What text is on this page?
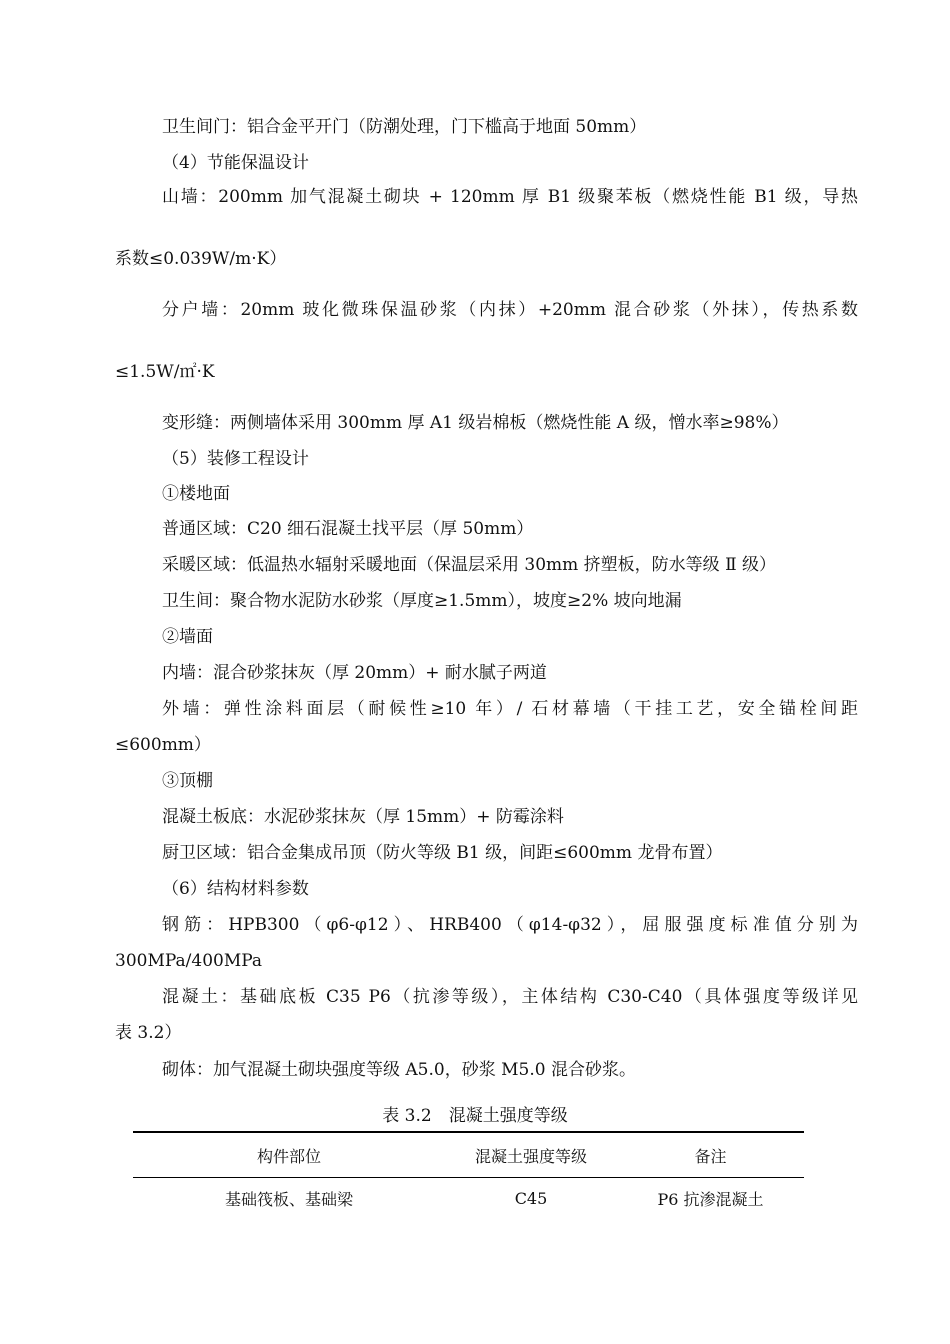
卫生间门：铝合金平开门（防潮处理，门下槛高于地面 50mm）
（4）节能保温设计
山墙：200mm 加气混凝土砌块 + 120mm 厚 B1 级聚苯板（燃烧性能 B1 级，导热
系数≤0.039W/m·K）
分户墙：20mm 玻化微珠保温砂浆（内抹）+20mm 混合砂浆（外抹），传热系数
≤1.5W/㎡·K
变形缝：两侧墙体采用 300mm 厚 A1 级岩棉板（燃烧性能 A 级，憎水率≥98%）
（5）装修工程设计
①楼地面
普通区域：C20 细石混凝土找平层（厚 50mm）
采暖区域：低温热水辐射采暖地面（保温层采用 30mm 挤塑板，防水等级 Ⅱ 级）
卫生间：聚合物水泥防水砂浆（厚度≥1.5mm），坡度≥2% 坡向地漏
②墙面
内墙：混合砂浆抹灰（厚 20mm）+ 耐水腻子两道
外墙：弹性涂料面层（耐候性≥10 年）/ 石材幕墙（干挂工艺，安全锚栓间距
≤600mm）
③顶棚
混凝土板底：水泥砂浆抹灰（厚 15mm）+ 防霉涂料
厨卫区域：铝合金集成吊顶（防火等级 B1 级，间距≤600mm 龙骨布置）
（6）结构材料参数
钢筋：HPB300（φ6-φ12）、HRB400（φ14-φ32），屈服强度标准值分别为
300MPa/400MPa
混凝土：基础底板 C35 P6（抗渗等级），主体结构 C30-C40（具体强度等级详见
表 3.2）
砌体：加气混凝土砌块强度等级 A5.0，砂浆 M5.0 混合砂浆。
表 3.2　混凝土强度等级
构件部位	混凝土强度等级	备注
基础筏板、基础梁	C45	P6 抗渗混凝土
